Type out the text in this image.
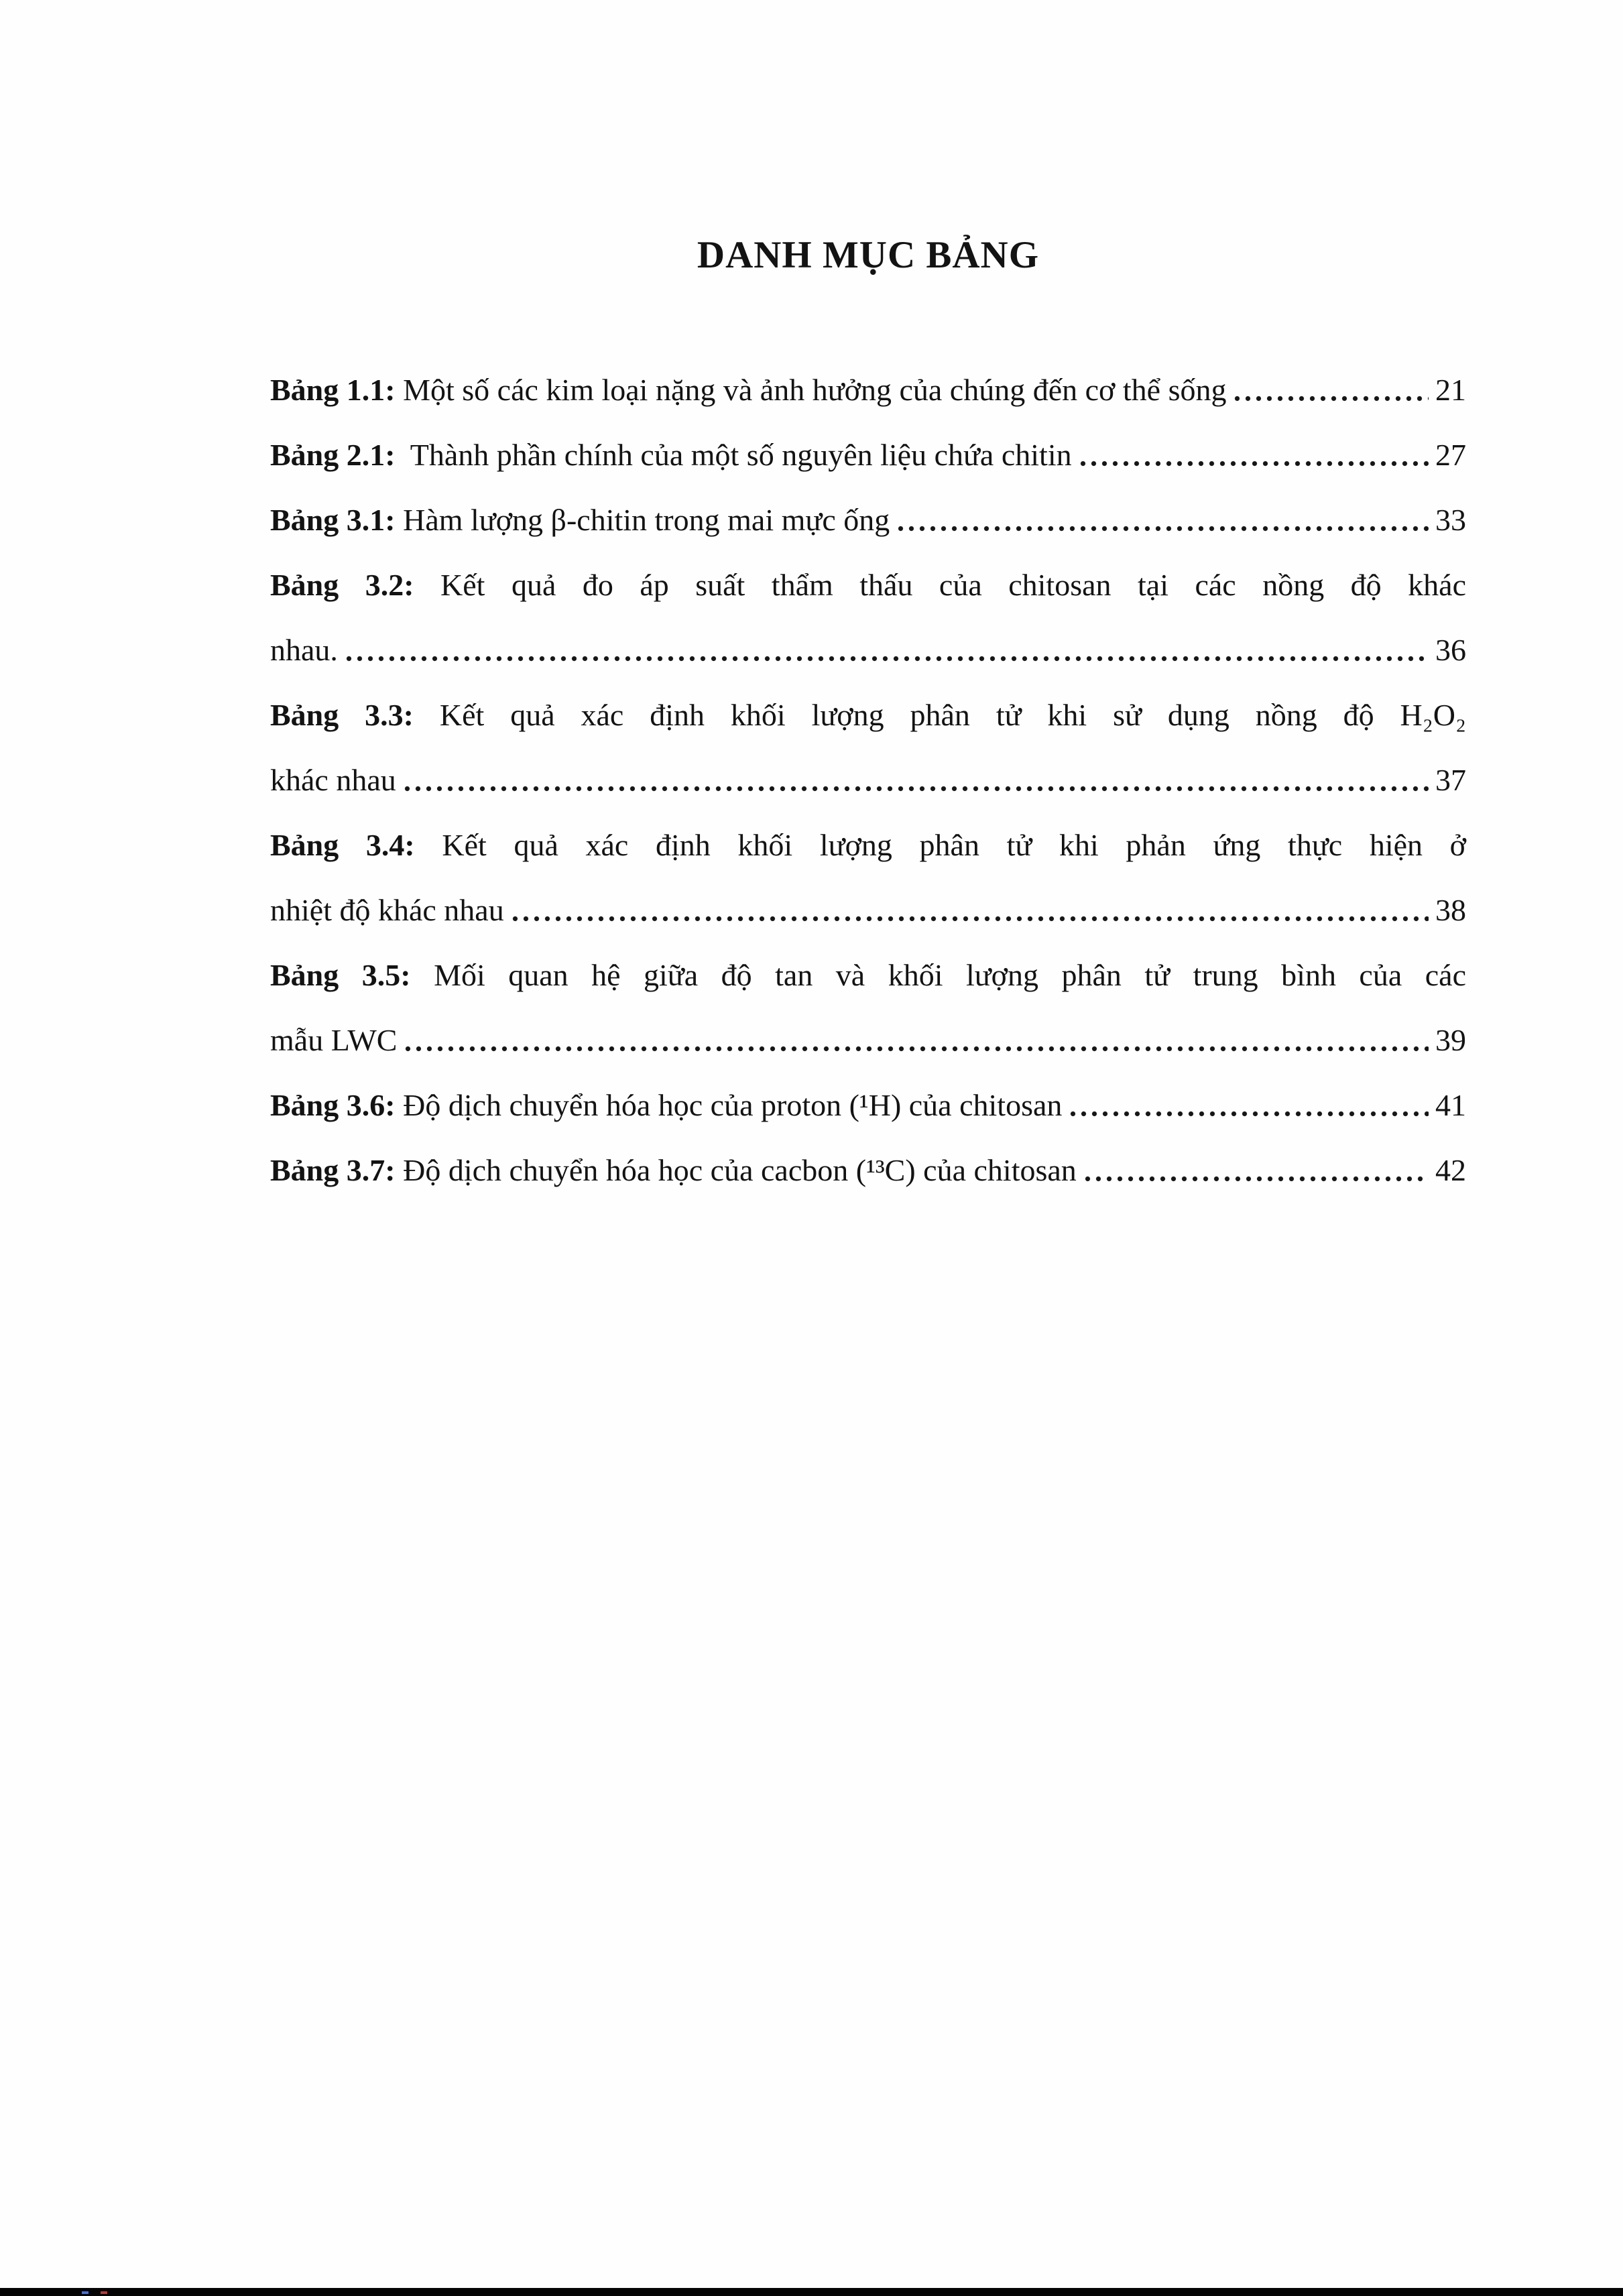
DANH MỤC BẢNG
Bảng 1.1: Một số các kim loại nặng và ảnh hưởng của chúng đến cơ thể sống	21
Bảng 2.1: Thành phần chính của một số nguyên liệu chứa chitin	27
Bảng 3.1: Hàm lượng β-chitin trong mai mực ống	33
Bảng 3.2: Kết quả đo áp suất thẩm thấu của chitosan tại các nồng độ khác
nhau.	36
Bảng 3.3: Kết quả xác định khối lượng phân tử khi sử dụng nồng độ H₂O₂
khác nhau	37
Bảng 3.4: Kết quả xác định khối lượng phân tử khi phản ứng thực hiện ở
nhiệt độ khác nhau	38
Bảng 3.5: Mối quan hệ giữa độ tan và khối lượng phân tử trung bình của các
mẫu LWC	39
Bảng 3.6: Độ dịch chuyển hóa học của proton (¹H) của chitosan	41
Bảng 3.7: Độ dịch chuyển hóa học của cacbon (¹³C) của chitosan	42
